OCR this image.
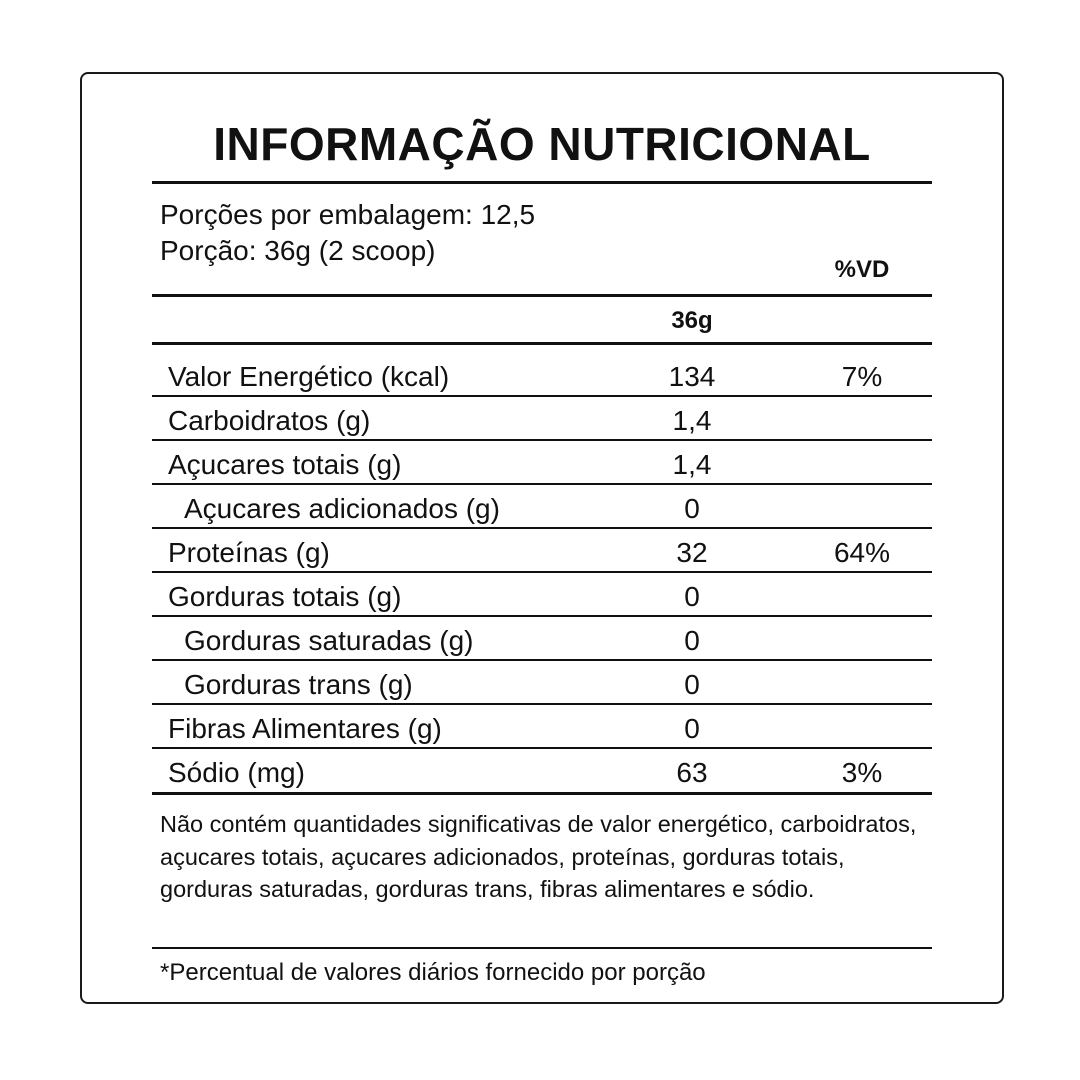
INFORMAÇÃO NUTRICIONAL
Porções por embalagem: 12,5
Porção: 36g (2 scoop)
%VD
36g
Valor Energético (kcal)	134	7%
Carboidratos (g)	1,4
Açucares totais (g)	1,4
Açucares adicionados (g)	0
Proteínas (g)	32	64%
Gorduras totais (g)	0
Gorduras saturadas (g)	0
Gorduras trans (g)	0
Fibras Alimentares (g)	0
Sódio (mg)	63	3%
Não contém quantidades significativas de valor energético, carboidratos, açucares totais, açucares adicionados, proteínas, gorduras totais, gorduras saturadas, gorduras trans, fibras alimentares e sódio.
*Percentual de valores diários fornecido por porção
